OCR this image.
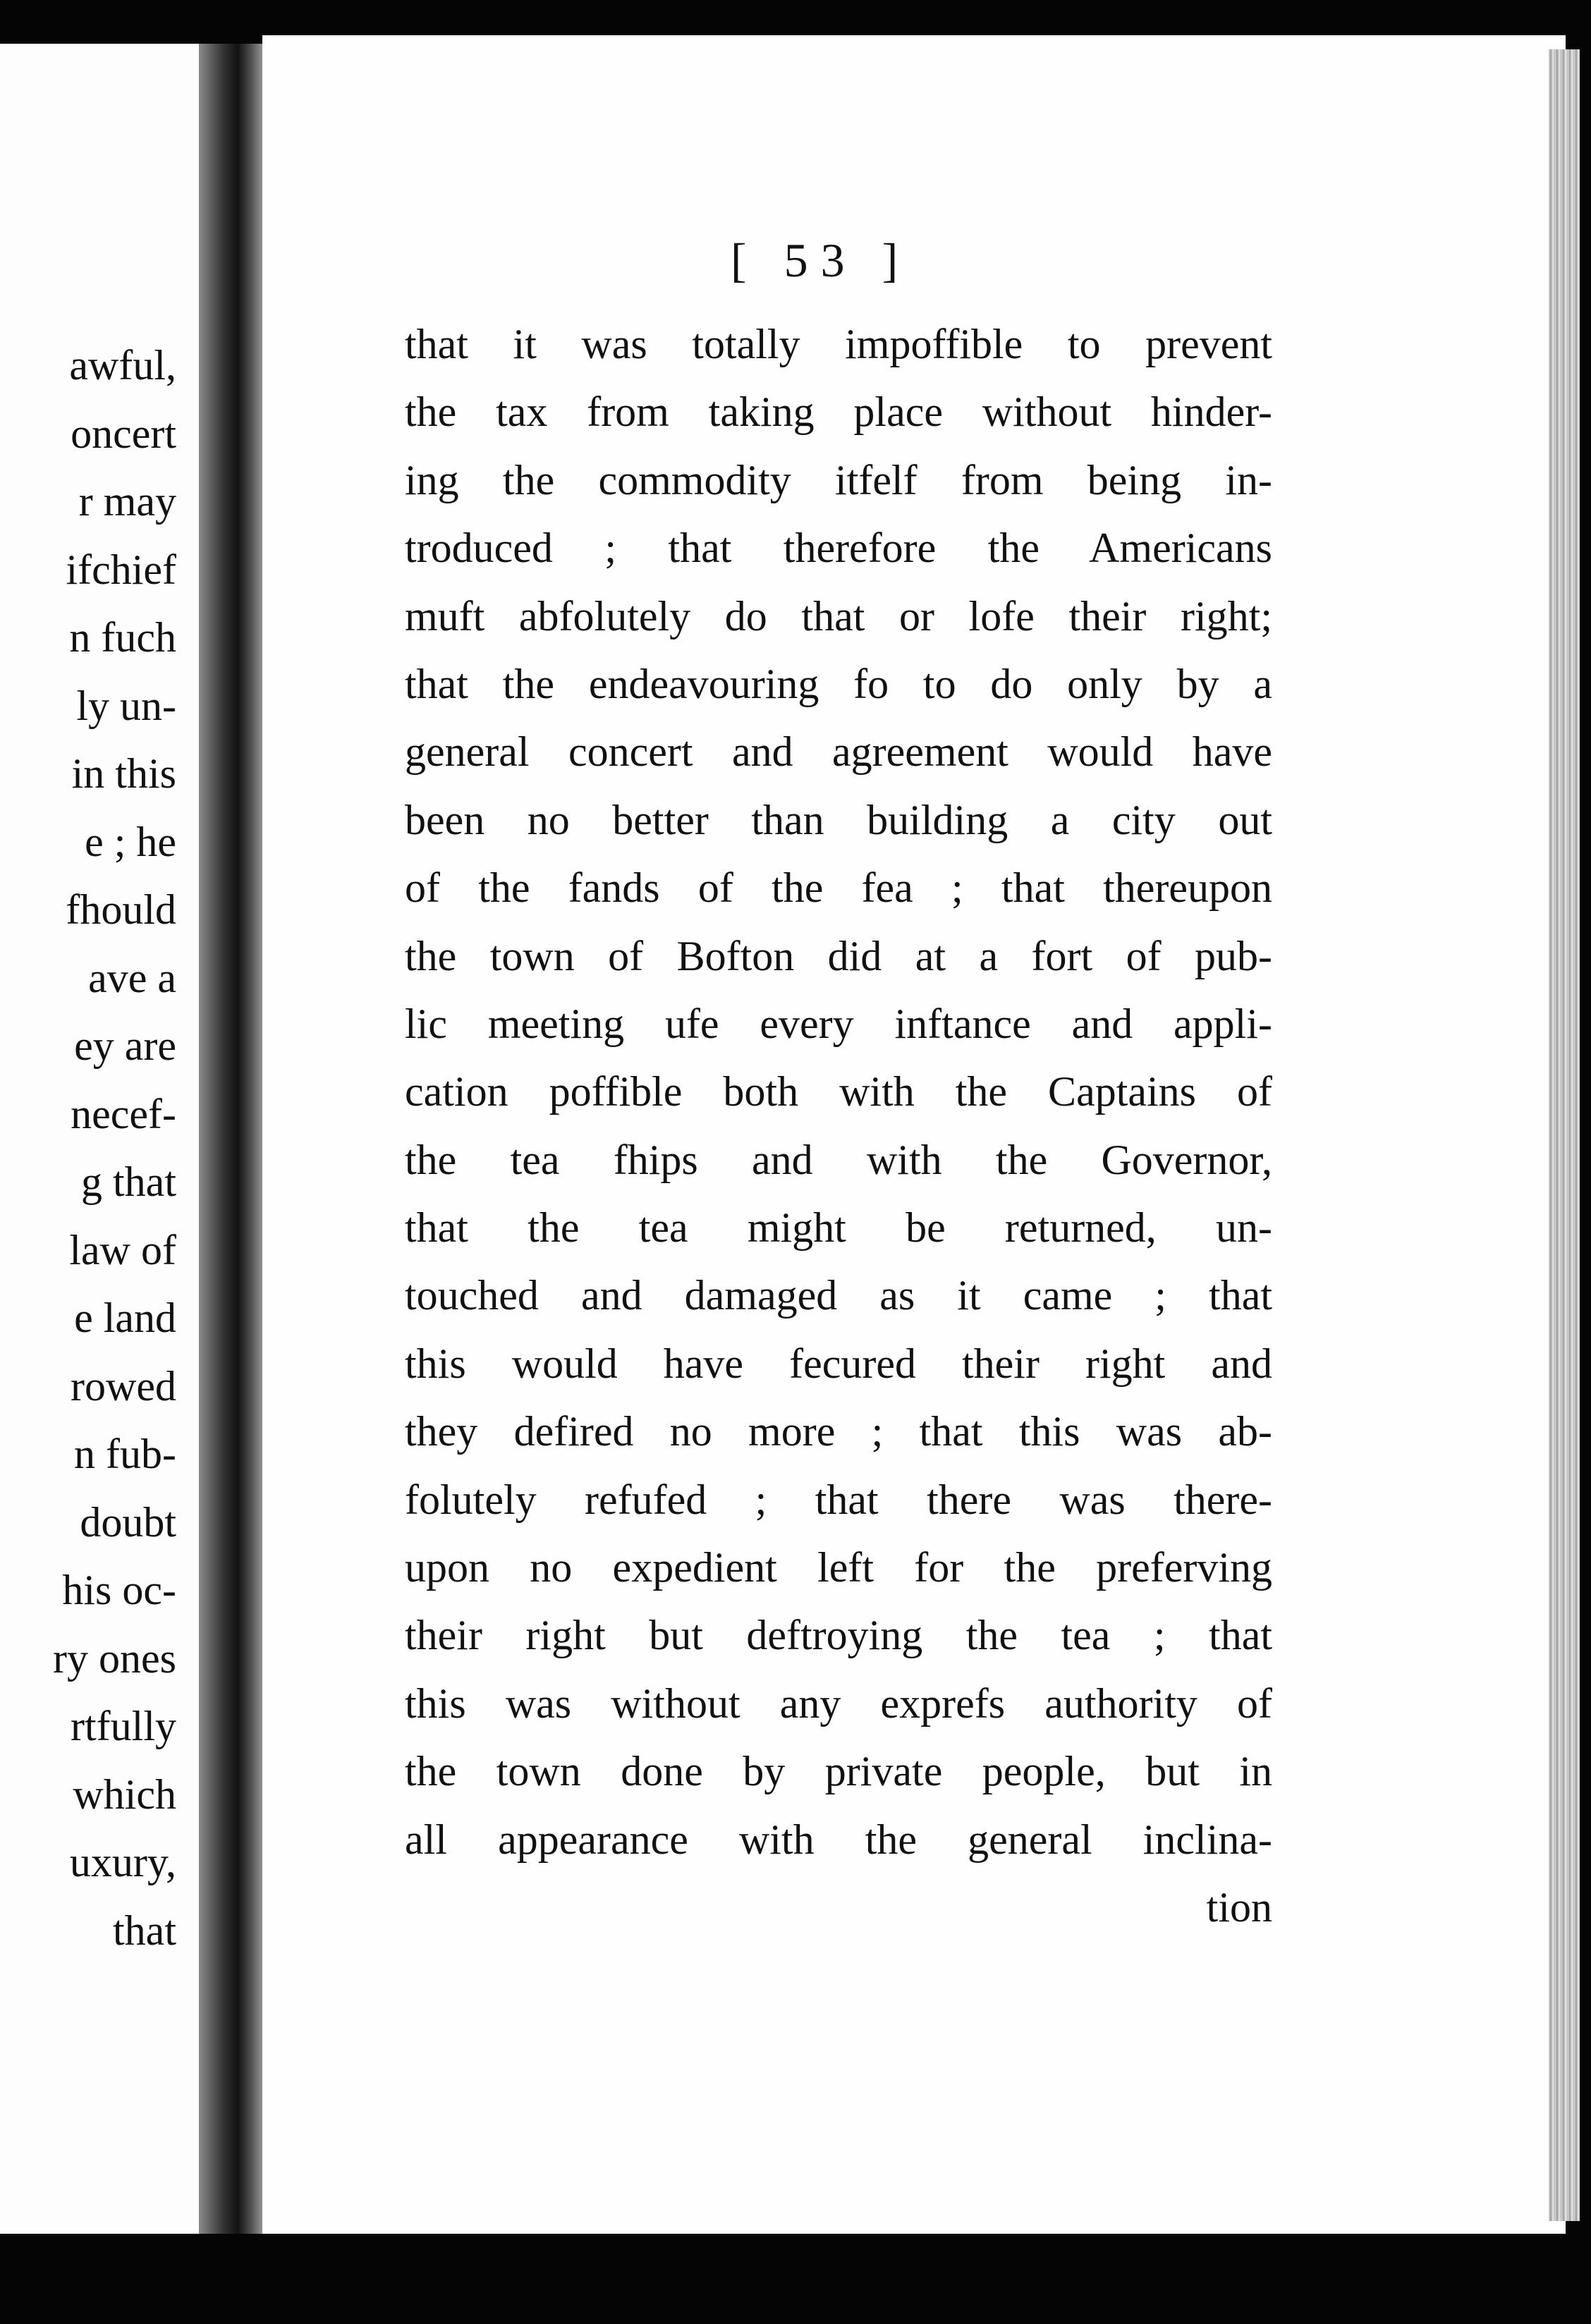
awful,
oncert
r may
ifchief
n fuch
ly un-
in this
e ; he
fhould
ave a
ey are
necef-
g that
law of
e land
rowed
n fub-
doubt
his oc-
ry ones
rtfully
which
uxury,
that
[ 53 ]
that it was totally impoffible to prevent
the tax from taking place without hinder-
ing the commodity itfelf from being in-
troduced ; that therefore the Americans
muft abfolutely do that or lofe their right;
that the endeavouring fo to do only by a
general concert and agreement would have
been no better than building a city out
of the fands of the fea ; that thereupon
the town of Bofton did at a fort of pub-
lic meeting ufe every inftance and appli-
cation poffible both with the Captains of
the tea fhips and with the Governor,
that the tea might be returned, un-
touched and damaged as it came ; that
this would have fecured their right and
they defired no more ; that this was ab-
folutely refufed ; that there was there-
upon no expedient left for the preferving
their right but deftroying the tea ; that
this was without any exprefs authority of
the town done by private people, but in
all appearance with the general inclina-
tion
